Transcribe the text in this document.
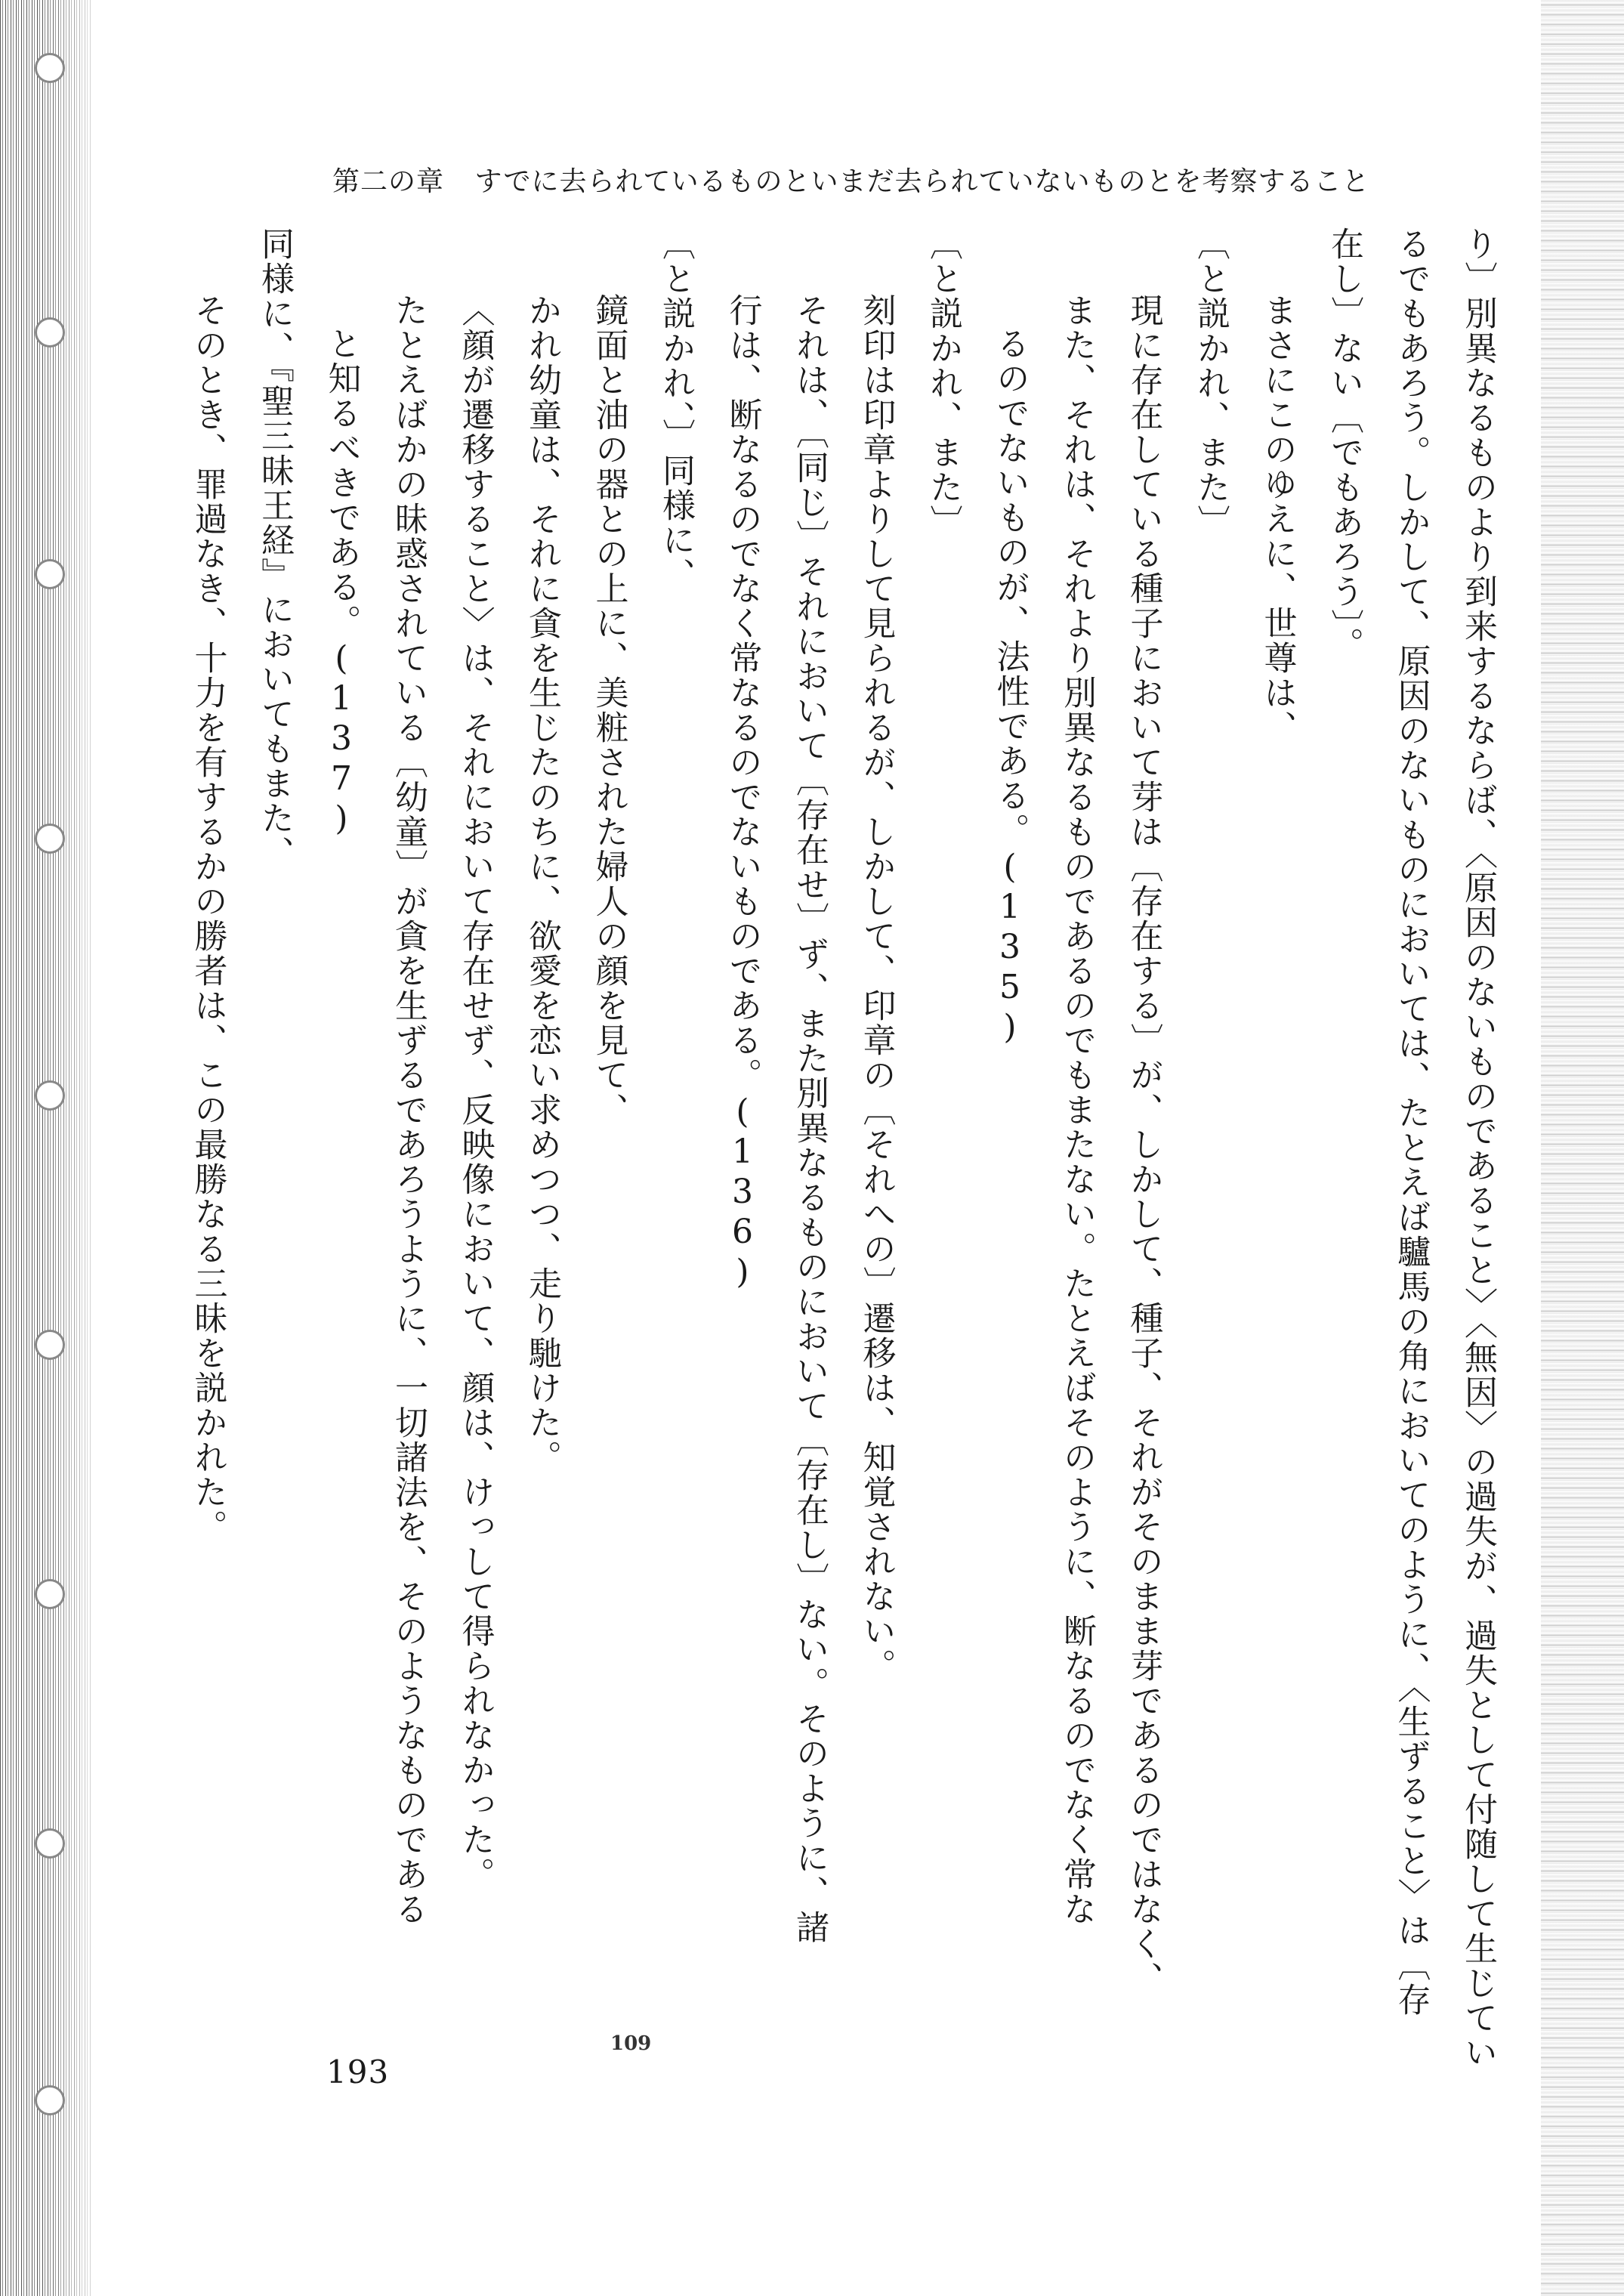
第二の章 すでに去られているものといまだ去られていないものとを考察すること
り〕別異なるものより到来するならば、〈原因のないものであること〉〈無因〉の過失が、過失として付随して生じてい
るでもあろう。しかして、原因のないものにおいては、たとえば驢馬の角においてのように、〈生ずること〉は〔存
在し〕ない〔でもあろう〕。
まさにこのゆえに、世尊は、
〔と説かれ、また〕
現に存在している種子において芽は〔存在する〕が、しかして、種子、それがそのまま芽であるのではなく、
また、それは、それより別異なるものであるのでもまたない。たとえばそのように、断なるのでなく常な
るのでないものが、法性である。(135)
〔と説かれ、また〕
刻印は印章よりして見られるが、しかして、印章の〔それへの〕遷移は、知覚されない。
それは、〔同じ〕それにおいて〔存在せ〕ず、また別異なるものにおいて〔存在し〕ない。そのように、諸
行は、断なるのでなく常なるのでないものである。(136)
〔と説かれ、〕同様に、
鏡面と油の器との上に、美粧された婦人の顔を見て、
かれ幼童は、それに貪を生じたのちに、欲愛を恋い求めつつ、走り馳けた。
〈顔が遷移すること〉は、それにおいて存在せず、反映像において、顔は、けっして得られなかった。
たとえばかの昧惑されている〔幼童〕が貪を生ずるであろうように、一切諸法を、そのようなものである
と知るべきである。(137)
同様に、『聖三昧王経』においてもまた、
そのとき、罪過なき、十力を有するかの勝者は、この最勝なる三昧を説かれた。
109
193
